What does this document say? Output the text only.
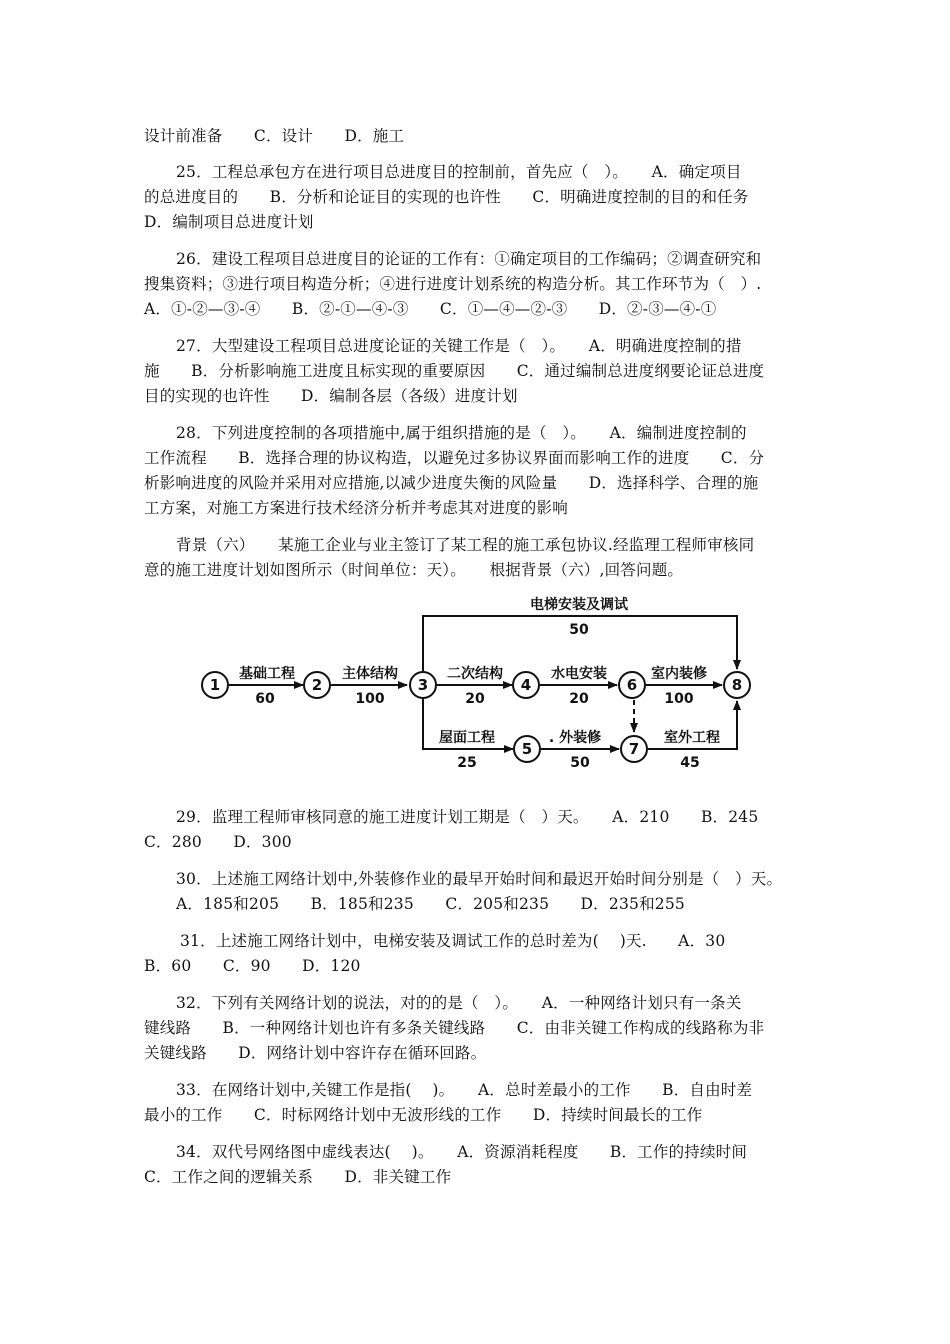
设计前准备　　C．设计　　D．施工
25．工程总承包方在进行项目总进度目的控制前，首先应（　）。　　A．确定项目
的总进度目的　　B．分析和论证目的实现的也许性　　C．明确进度控制的目的和任务
D．编制项目总进度计划
26．建设工程项目总进度目的论证的工作有：①确定项目的工作编码；②调查研究和
搜集资料；③进行项目构造分析；④进行进度计划系统的构造分析。其工作环节为（　）.
A．①-②—③-④　　B．②-①—④-③　　C．①—④—②-③　　D．②-③—④-①
27．大型建设工程项目总进度论证的关键工作是（　）。　　A．明确进度控制的措
施　　B．分析影响施工进度且标实现的重要原因　　C．通过编制总进度纲要论证总进度
目的实现的也许性　　D．编制各层（各级）进度计划
28．下列进度控制的各项措施中,属于组织措施的是（　）。　　A．编制进度控制的
工作流程　　B．选择合理的协议构造，以避免过多协议界面而影响工作的进度　　C．分
析影响进度的风险并采用对应措施,以减少进度失衡的风险量　　D．选择科学、合理的施
工方案，对施工方案进行技术经济分析并考虑其对进度的影响
背景（六）　　某施工企业与业主签订了某工程的施工承包协议.经监理工程师审核同
意的施工进度计划如图所示（时间单位：天）。　　根据背景（六）,回答问题。
1	2	3	4
5
6
7
8
基础工程	主体结构	二次结构	水电安装	室内装修
电梯安装及调试
屋面工程	. 外装修	室外工程
60	100	20	20	100
50
25	50	45
29．监理工程师审核同意的施工进度计划工期是（　）天。　　A．210　　B．245
C．280　　D．300
30．上述施工网络计划中,外装修作业的最早开始时间和最迟开始时间分别是（　）天。
A．185和205　　B．185和235　　C．205和235　　D．235和255
31．上述施工网络计划中，电梯安装及调试工作的总时差为(　 )天.　　A．30
B．60　　C．90　　D．120
32．下列有关网络计划的说法，对的的是（　）。　　A．一种网络计划只有一条关
键线路　　B．一种网络计划也许有多条关键线路　　C．由非关键工作构成的线路称为非
关键线路　　D．网络计划中容许存在循环回路。
33．在网络计划中,关键工作是指(　 )。　　A．总时差最小的工作　　B．自由时差
最小的工作　　C．时标网络计划中无波形线的工作　　D．持续时间最长的工作
34．双代号网络图中虚线表达(　 )。　　A．资源消耗程度　　B．工作的持续时间
C．工作之间的逻辑关系　　D．非关键工作
